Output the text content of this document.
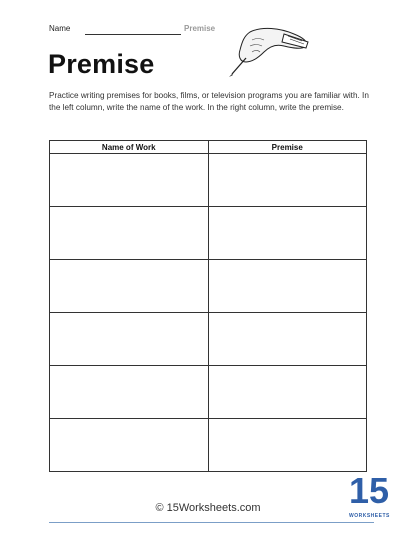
Name	Premise
Premise
Practice writing premises for books, films, or television programs you are familiar with. In the left column, write the name of the work. In the right column, write the premise.
Name of Work	Premise

© 15Worksheets.com	15
WORKSHEETS
